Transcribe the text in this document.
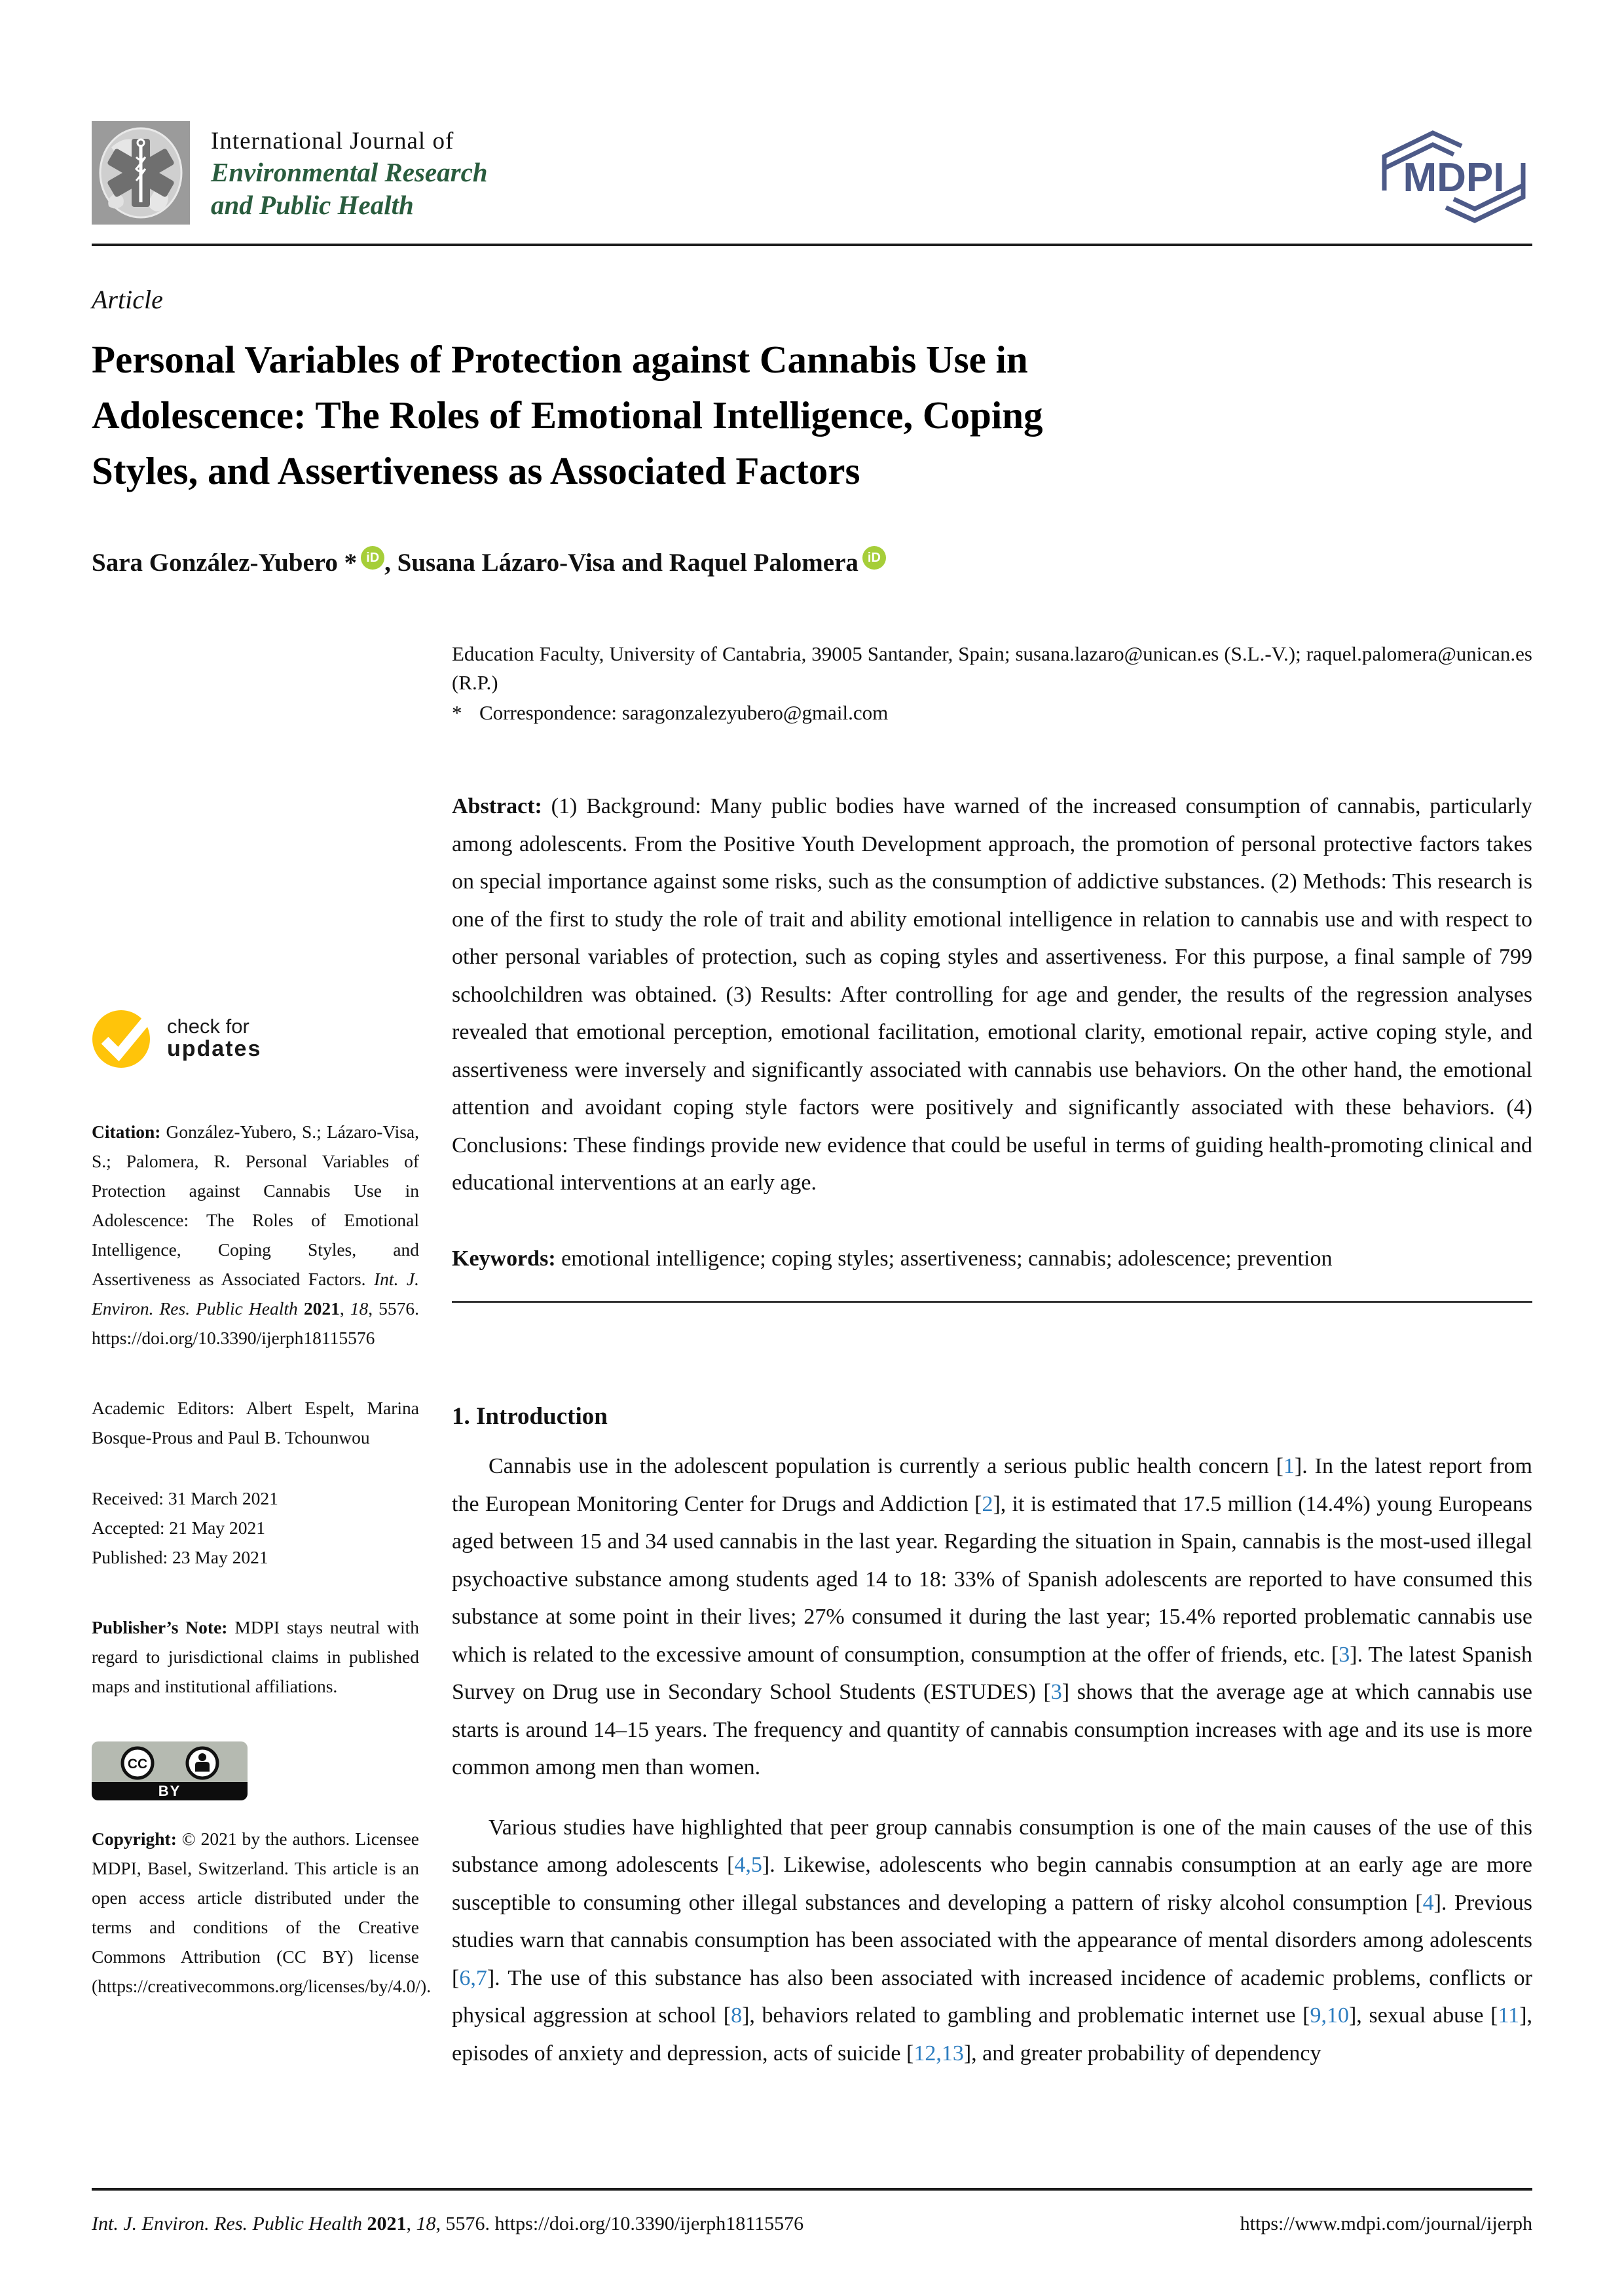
International Journal of
Environmental Research
and Public Health
MDPI
Article
Personal Variables of Protection against Cannabis Use in
Adolescence: The Roles of Emotional Intelligence, Coping
Styles, and Assertiveness as Associated Factors
Sara González-Yubero * iD , Susana Lázaro-Visa and Raquel Palomera iD
check for
updates
Citation: González-Yubero, S.; Lázaro-Visa, S.; Palomera, R. Personal Variables of Protection against Cannabis Use in Adolescence: The Roles of Emotional Intelligence, Coping Styles, and Assertiveness as Associated Factors. Int. J. Environ. Res. Public Health 2021, 18, 5576. https://doi.org/10.3390/ijerph18115576
Academic Editors: Albert Espelt, Marina Bosque-Prous and Paul B. Tchounwou
Received: 31 March 2021
Accepted: 21 May 2021
Published: 23 May 2021
Publisher’s Note: MDPI stays neutral with regard to jurisdictional claims in published maps and institutional affiliations.
CC
BY
Copyright: © 2021 by the authors. Licensee MDPI, Basel, Switzerland. This article is an open access article distributed under the terms and conditions of the Creative Commons Attribution (CC BY) license (https://creativecommons.org/licenses/by/4.0/).
Education Faculty, University of Cantabria, 39005 Santander, Spain; susana.lazaro@unican.es (S.L.-V.); raquel.palomera@unican.es (R.P.)
* Correspondence: saragonzalezyubero@gmail.com
Abstract: (1) Background: Many public bodies have warned of the increased consumption of cannabis, particularly among adolescents. From the Positive Youth Development approach, the promotion of personal protective factors takes on special importance against some risks, such as the consumption of addictive substances. (2) Methods: This research is one of the first to study the role of trait and ability emotional intelligence in relation to cannabis use and with respect to other personal variables of protection, such as coping styles and assertiveness. For this purpose, a final sample of 799 schoolchildren was obtained. (3) Results: After controlling for age and gender, the results of the regression analyses revealed that emotional perception, emotional facilitation, emotional clarity, emotional repair, active coping style, and assertiveness were inversely and significantly associated with cannabis use behaviors. On the other hand, the emotional attention and avoidant coping style factors were positively and significantly associated with these behaviors. (4) Conclusions: These findings provide new evidence that could be useful in terms of guiding health-promoting clinical and educational interventions at an early age.
Keywords: emotional intelligence; coping styles; assertiveness; cannabis; adolescence; prevention
1. Introduction

Cannabis use in the adolescent population is currently a serious public health concern [1]. In the latest report from the European Monitoring Center for Drugs and Addiction [2], it is estimated that 17.5 million (14.4%) young Europeans aged between 15 and 34 used cannabis in the last year. Regarding the situation in Spain, cannabis is the most-used illegal psychoactive substance among students aged 14 to 18: 33% of Spanish adolescents are reported to have consumed this substance at some point in their lives; 27% consumed it during the last year; 15.4% reported problematic cannabis use which is related to the excessive amount of consumption, consumption at the offer of friends, etc. [3]. The latest Spanish Survey on Drug use in Secondary School Students (ESTUDES) [3] shows that the average age at which cannabis use starts is around 14–15 years. The frequency and quantity of cannabis consumption increases with age and its use is more common among men than women.

Various studies have highlighted that peer group cannabis consumption is one of the main causes of the use of this substance among adolescents [4,5]. Likewise, adolescents who begin cannabis consumption at an early age are more susceptible to consuming other illegal substances and developing a pattern of risky alcohol consumption [4]. Previous studies warn that cannabis consumption has been associated with the appearance of mental disorders among adolescents [6,7]. The use of this substance has also been associated with increased incidence of academic problems, conflicts or physical aggression at school [8], behaviors related to gambling and problematic internet use [9,10], sexual abuse [11], episodes of anxiety and depression, acts of suicide [12,13], and greater probability of dependency

Int. J. Environ. Res. Public Health 2021, 18, 5576. https://doi.org/10.3390/ijerph18115576	https://www.mdpi.com/journal/ijerph
